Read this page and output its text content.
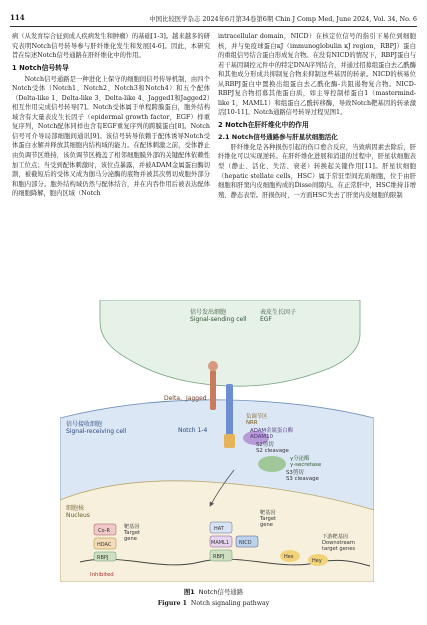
114	中国比较医学杂志 2024年6月第34卷第6期 Chin J Comp Med, June 2024, Vol. 34, No. 6

病（从发育综合征到成人疾病发生和肿瘤）的基础[1-3]。越来越多的研究表明Notch信号转导参与肝纤维化发生和发展[4-6]。因此，本研究旨在综述Notch信号通路在肝纤维化中的作用。

1 Notch信号转导

Notch信号通路是一种进化上保守的细胞间信号传导机制，由四个Notch受体（Notch1、Notch2、Notch3和Notch4）和五个配体（Delta-like 1、Delta-like 3、Delta-like 4、Jagged1和Jagged2）相互作用完成信号转导[7]。Notch受体属于单程跨膜蛋白，胞外结构域含有大量表皮生长因子（epidermal growth factor，EGF）样重复序列，Notch配体同样也含有EGF重复序列的跨膜蛋白[8]。Notch信号可介导局部细胞间通讯[9]。该信号转导依赖于配体诱导Notch受体蛋白水解并释放其细胞内结构域的能力。在配体刺激之前，受体静止由负调节区维持，该负调节区掩盖了相邻细胞膜外部的关键配体依赖性加工位点；当受到配体刺激时，该位点暴露，并被ADAM金属蛋白酶切割，被截短后的受体又成为伽马分泌酶的底物并被其次剪切成胞外部分和胞内部分。胞外结构域仍然与配体结合，并在内吞作用后被表达配体的细胞降解，胞内区域（Notch

intracellular domain，NICD）在核定位信号的指引下易位到细胞核，并与免疫球蛋白κJ（immunoglobulin κJ region，RBPJ）蛋白的重组信号结合蛋白形成复合物。在没有NICD的情况下，RBPJ蛋白与若干基因调控元件中的特定DNA序列结合，并通过招募组蛋白去乙酰酶和其他成分形成共抑制复合物来抑制这些基因的转录。NICD的核易位从RBPJ蛋白中置换出组蛋白去乙酰化酶-共阻遏物复合物。NICD-RBPJ复合物招募其他蛋白质，如主导控制样蛋白1（mastermind-like 1，MAML1）和组蛋白乙酰转移酶，导致Notch靶基因的转录激活[10-11]。Notch通路信号转导过程见图1。

2 Notch在肝纤维化中的作用
2.1 Notch信号通路参与肝星状细胞活化

肝纤维化是各种损伤引起的伤口愈合反应，当致病因素去除后，肝纤维化可以实现逆转。在肝纤维化进展和消退的过程中，肝星状细胞表型（静止、活化、失活、衰老）转换起关键作用[11]。肝星状细胞（hepatic stellate cells，HSC）属于常驻型间充质细胞，位于由肝细胞和肝窦内皮细胞构成的Disse间隙内。在正常肝中，HSC维持非增殖、静态表型。肝损伤时，一方面HSC失去了肝窦内皮细胞的限制

信号发出细胞 Signal-sending cell
表皮生长因子 EGF
Delta、Jagged
Notch 1-4
负调节区 NRR
信号接收细胞 Signal-receiving cell	ADAM金属蛋白酶 ADAM10
S2剪切 S2 cleavage
γ分泌酶 γ-secretase
S3剪切 S3 cleavage
细胞核 Nucleus
Co-R
HDAC
RBPJ
靶基因 Target gene
Inhibited
HAT
MAML1
RBPJ
NICD
靶基因 Target gene
Hes
Hey
下游靶基因 Downstream target genes
图1 Notch信号通路
Figure 1 Notch signaling pathway
